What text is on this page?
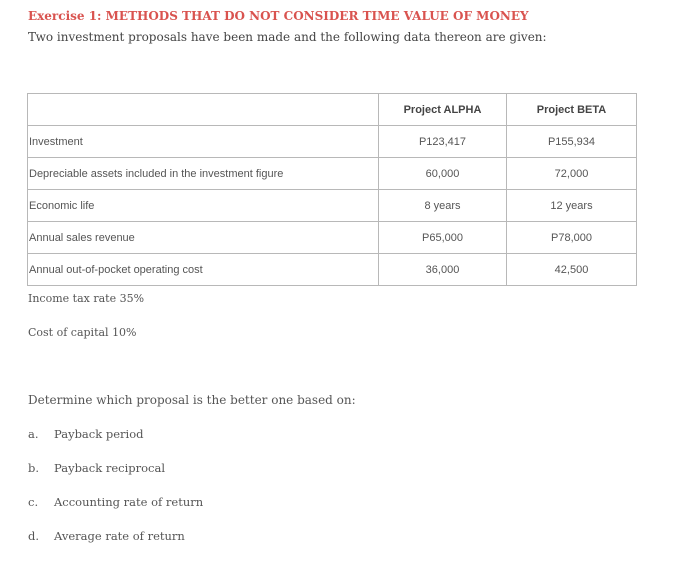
Exercise 1: METHODS THAT DO NOT CONSIDER TIME VALUE OF MONEY
Two investment proposals have been made and the following data thereon are given:
	Project ALPHA	Project BETA
Investment	P123,417	P155,934
Depreciable assets included in the investment figure	60,000	72,000
Economic life	8 years	12 years
Annual sales revenue	P65,000	P78,000
Annual out-of-pocket operating cost	36,000	42,500
Income tax rate 35%
Cost of capital 10%
Determine which proposal is the better one based on:
a. Payback period
b. Payback reciprocal
c. Accounting rate of return
d. Average rate of return
